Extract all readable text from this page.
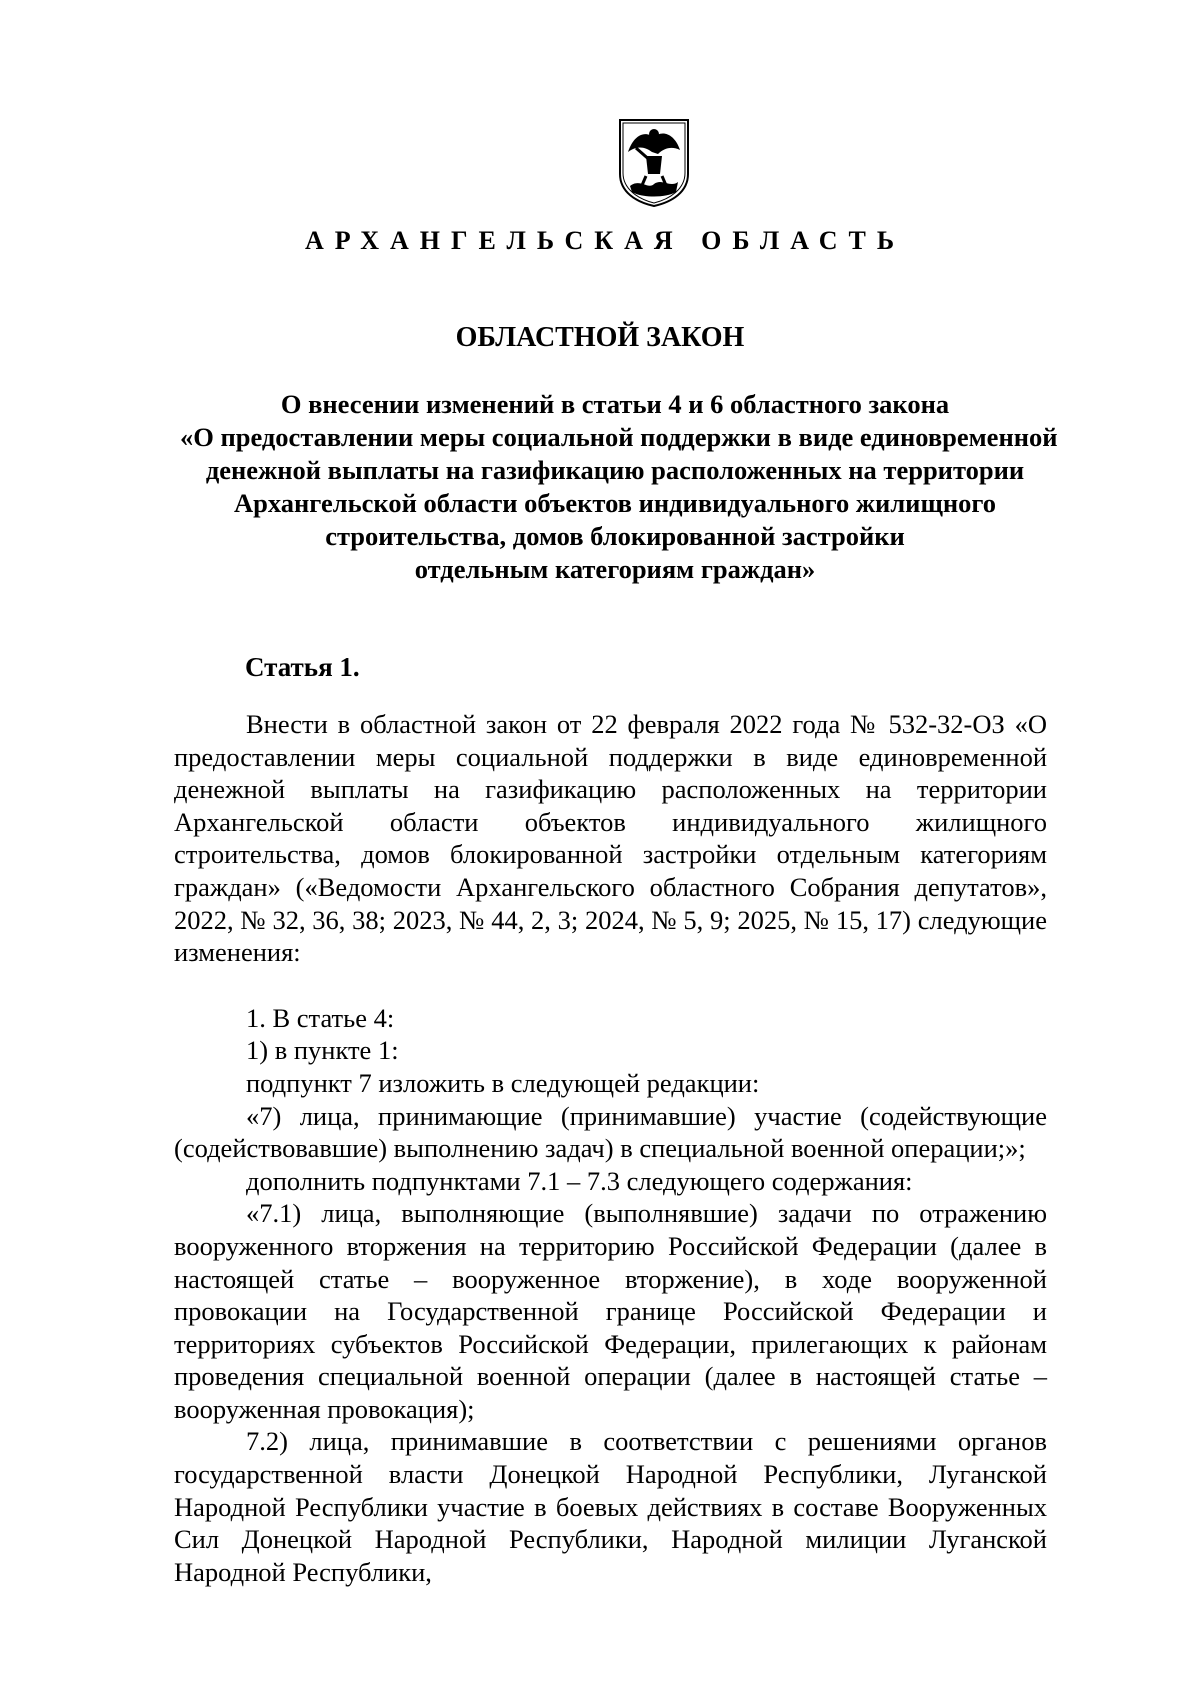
АРХАНГЕЛЬСКАЯ ОБЛАСТЬ
ОБЛАСТНОЙ ЗАКОН
О внесении изменений в статьи 4 и 6 областного закона
«О предоставлении меры социальной поддержки в виде единовременной
денежной выплаты на газификацию расположенных на территории
Архангельской области объектов индивидуального жилищного
строительства, домов блокированной застройки
отдельным категориям граждан»
Статья 1.
Внести в областной закон от 22 февраля 2022 года № 532-32-ОЗ «О предоставлении меры социальной поддержки в виде единовременной денежной выплаты на газификацию расположенных на территории Архангельской области объектов индивидуального жилищного строительства, домов блокированной застройки отдельным категориям граждан» («Ведомости Архангельского областного Собрания депутатов», 2022, № 32, 36, 38; 2023, № 44, 2, 3; 2024, № 5, 9; 2025, № 15, 17) следующие изменения:
1. В статье 4:
1) в пункте 1:
подпункт 7 изложить в следующей редакции:
«7) лица, принимающие (принимавшие) участие (содействующие (содействовавшие) выполнению задач) в специальной военной операции;»;
дополнить подпунктами 7.1 – 7.3 следующего содержания:
«7.1) лица, выполняющие (выполнявшие) задачи по отражению вооруженного вторжения на территорию Российской Федерации (далее в настоящей статье – вооруженное вторжение), в ходе вооруженной провокации на Государственной границе Российской Федерации и территориях субъектов Российской Федерации, прилегающих к районам проведения специальной военной операции (далее в настоящей статье – вооруженная провокация);
7.2) лица, принимавшие в соответствии с решениями органов государственной власти Донецкой Народной Республики, Луганской Народной Республики участие в боевых действиях в составе Вооруженных Сил Донецкой Народной Республики, Народной милиции Луганской Народной Республики,
